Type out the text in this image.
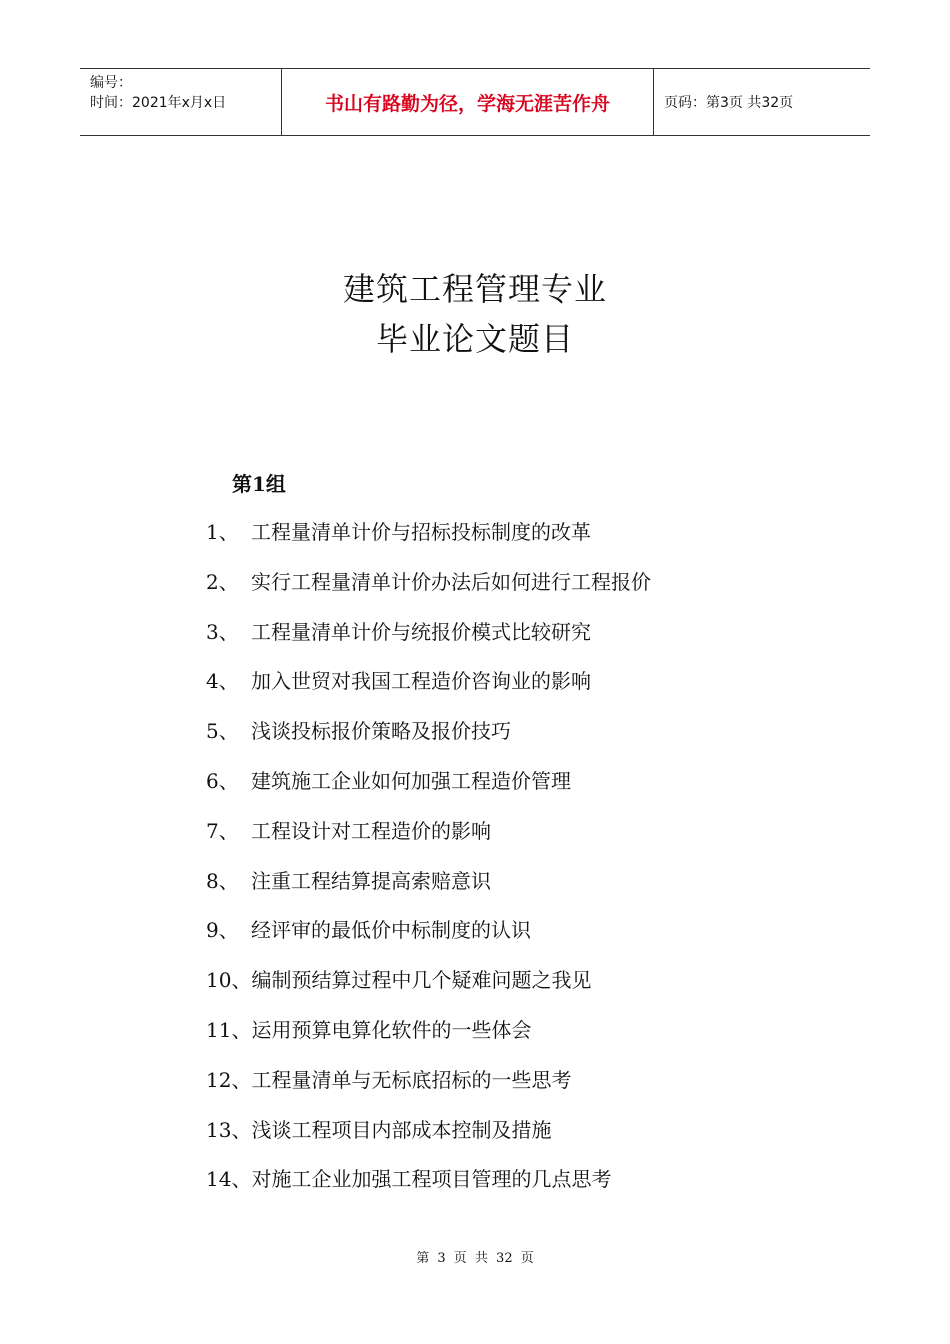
编号：
时间：2021年x月x日	书山有路勤为径，学海无涯苦作舟	页码：第3页 共32页
建筑工程管理专业
毕业论文题目
第1组
1、 工程量清单计价与招标投标制度的改革
2、 实行工程量清单计价办法后如何进行工程报价
3、 工程量清单计价与统报价模式比较研究
4、 加入世贸对我国工程造价咨询业的影响
5、 浅谈投标报价策略及报价技巧
6、 建筑施工企业如何加强工程造价管理
7、 工程设计对工程造价的影响
8、 注重工程结算提高索赔意识
9、 经评审的最低价中标制度的认识
10、 编制预结算过程中几个疑难问题之我见
11、 运用预算电算化软件的一些体会
12、 工程量清单与无标底招标的一些思考
13、 浅谈工程项目内部成本控制及措施
14、 对施工企业加强工程项目管理的几点思考
第 3 页 共 32 页
